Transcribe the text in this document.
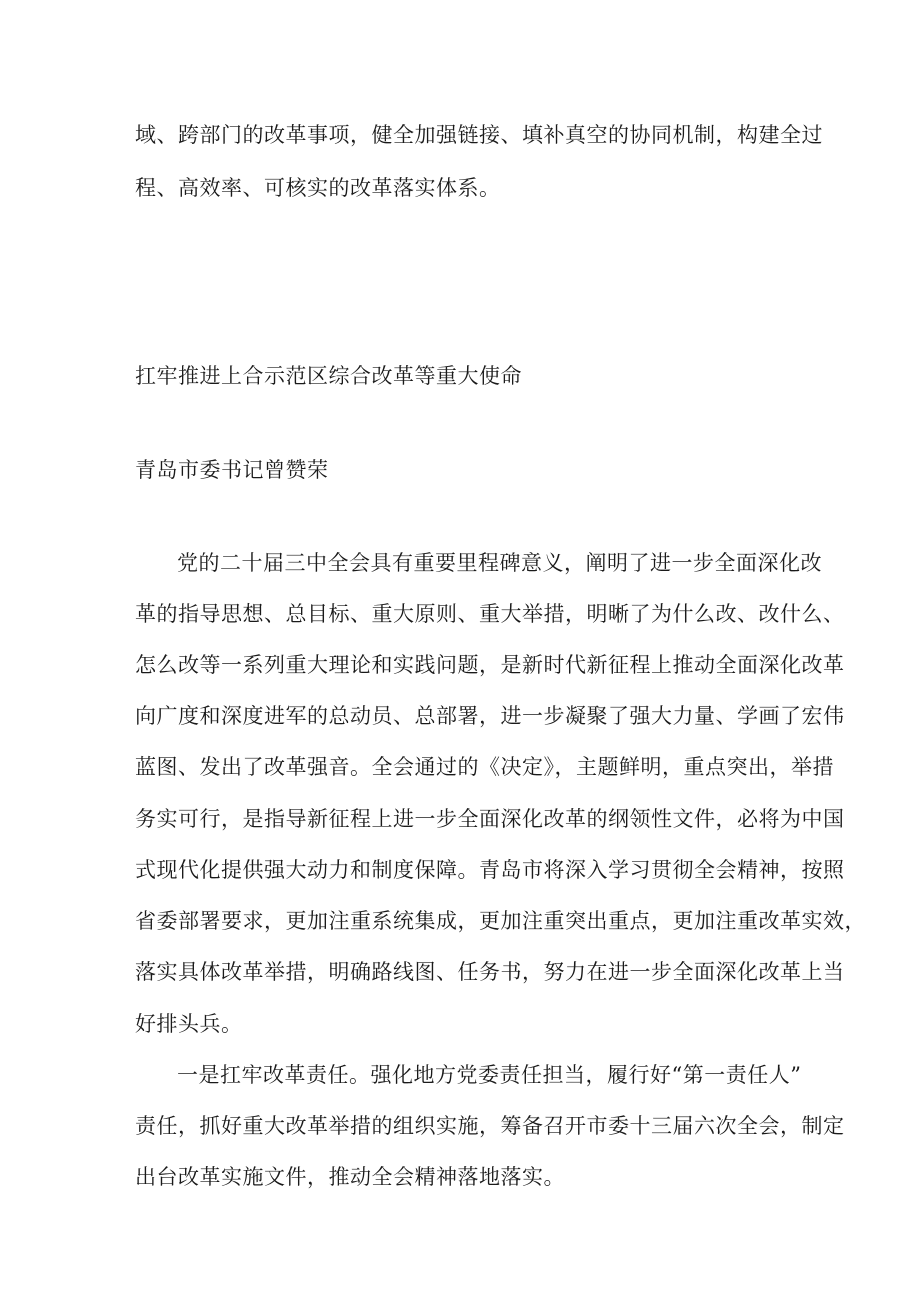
域、跨部门的改革事项，健全加强链接、填补真空的协同机制，构建全过
程、高效率、可核实的改革落实体系。
扛牢推进上合示范区综合改革等重大使命
青岛市委书记曾赞荣
党的二十届三中全会具有重要里程碑意义，阐明了进一步全面深化改
革的指导思想、总目标、重大原则、重大举措，明晰了为什么改、改什么、
怎么改等一系列重大理论和实践问题，是新时代新征程上推动全面深化改革
向广度和深度进军的总动员、总部署，进一步凝聚了强大力量、学画了宏伟
蓝图、发出了改革强音。全会通过的《决定》，主题鲜明，重点突出，举措
务实可行，是指导新征程上进一步全面深化改革的纲领性文件，必将为中国
式现代化提供强大动力和制度保障。青岛市将深入学习贯彻全会精神，按照
省委部署要求，更加注重系统集成，更加注重突出重点，更加注重改革实效，
落实具体改革举措，明确路线图、任务书，努力在进一步全面深化改革上当
好排头兵。
一是扛牢改革责任。强化地方党委责任担当，履行好“第一责任人”
责任，抓好重大改革举措的组织实施，筹备召开市委十三届六次全会，制定
出台改革实施文件，推动全会精神落地落实。
